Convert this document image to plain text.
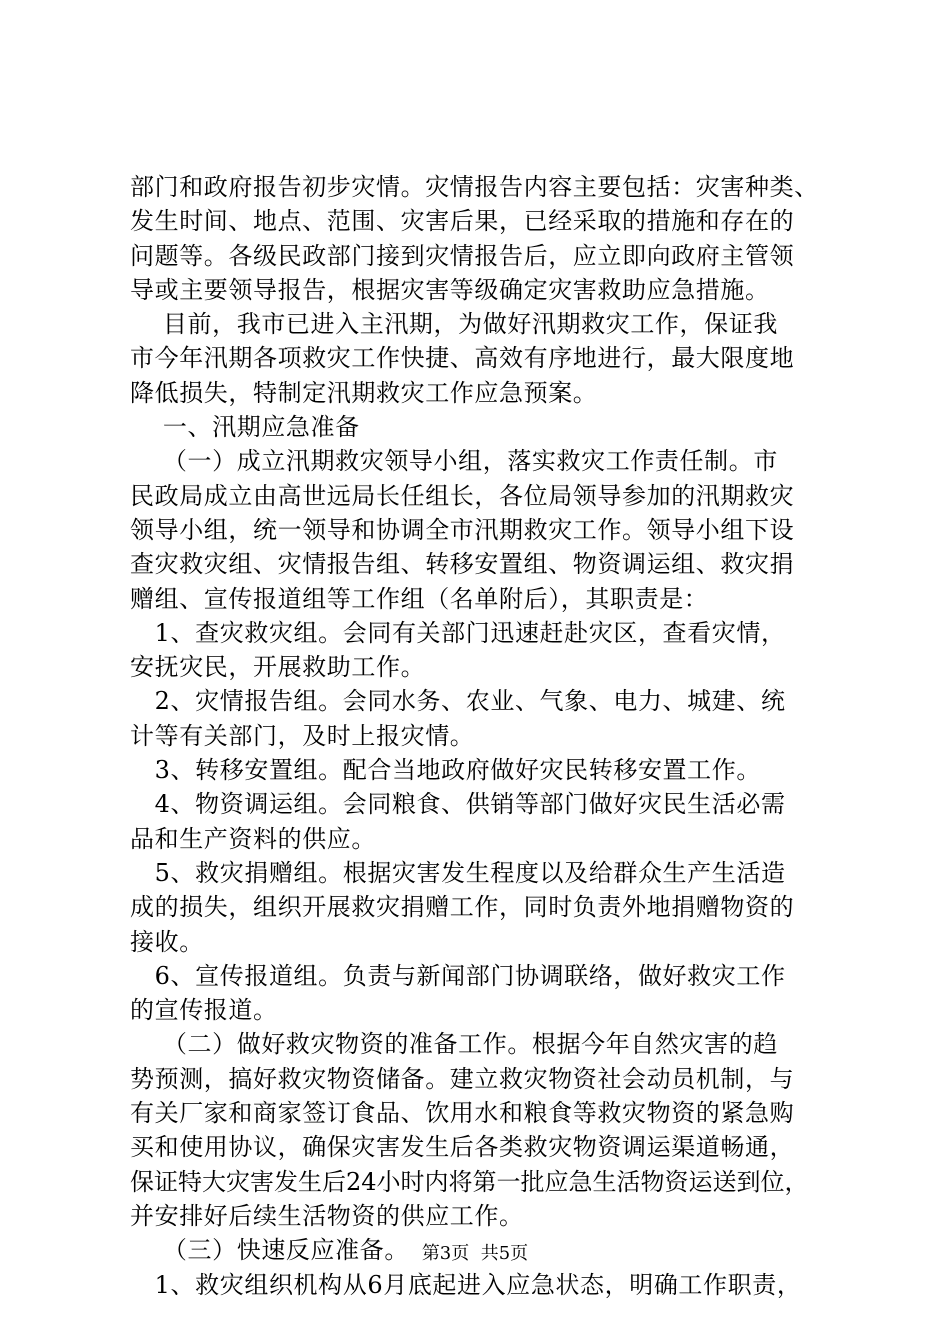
部门和政府报告初步灾情。灾情报告内容主要包括：灾害种类、
发生时间、地点、范围、灾害后果，已经采取的措施和存在的
问题等。各级民政部门接到灾情报告后，应立即向政府主管领
导或主要领导报告，根据灾害等级确定灾害救助应急措施。
目前，我市已进入主汛期，为做好汛期救灾工作，保证我
市今年汛期各项救灾工作快捷、高效有序地进行，最大限度地
降低损失，特制定汛期救灾工作应急预案。
一、汛期应急准备
（一）成立汛期救灾领导小组，落实救灾工作责任制。市
民政局成立由高世远局长任组长，各位局领导参加的汛期救灾
领导小组，统一领导和协调全市汛期救灾工作。领导小组下设
查灾救灾组、灾情报告组、转移安置组、物资调运组、救灾捐
赠组、宣传报道组等工作组（名单附后），其职责是：
1、查灾救灾组。会同有关部门迅速赶赴灾区，查看灾情，
安抚灾民，开展救助工作。
2、灾情报告组。会同水务、农业、气象、电力、城建、统
计等有关部门，及时上报灾情。
3、转移安置组。配合当地政府做好灾民转移安置工作。
4、物资调运组。会同粮食、供销等部门做好灾民生活必需
品和生产资料的供应。
5、救灾捐赠组。根据灾害发生程度以及给群众生产生活造
成的损失，组织开展救灾捐赠工作，同时负责外地捐赠物资的
接收。
6、宣传报道组。负责与新闻部门协调联络，做好救灾工作
的宣传报道。
（二）做好救灾物资的准备工作。根据今年自然灾害的趋
势预测，搞好救灾物资储备。建立救灾物资社会动员机制，与
有关厂家和商家签订食品、饮用水和粮食等救灾物资的紧急购
买和使用协议，确保灾害发生后各类救灾物资调运渠道畅通，
保证特大灾害发生后24小时内将第一批应急生活物资运送到位，
并安排好后续生活物资的供应工作。
（三）快速反应准备。
1、救灾组织机构从6月底起进入应急状态，明确工作职责，
第3页  共5页
